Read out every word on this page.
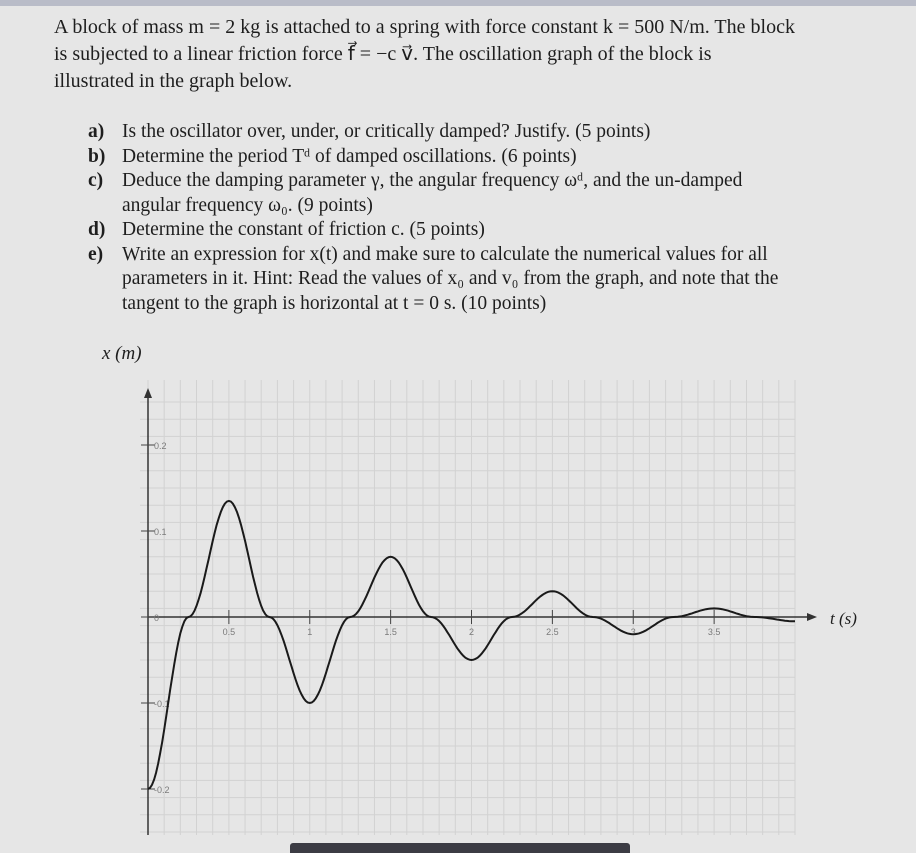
A block of mass m = 2 kg is attached to a spring with force constant k = 500 N/m. The block
is subjected to a linear friction force f⃗ = −c v⃗. The oscillation graph of the block is
illustrated in the graph below.
a) Is the oscillator over, under, or critically damped? Justify. (5 points)
b) Determine the period Tᵈ of damped oscillations. (6 points)
c) Deduce the damping parameter γ, the angular frequency ωᵈ, and the un-damped
angular frequency ω₀. (9 points)
d) Determine the constant of friction c. (5 points)
e) Write an expression for x(t) and make sure to calculate the numerical values for all
parameters in it. Hint: Read the values of x₀ and v₀ from the graph, and note that the
tangent to the graph is horizontal at t = 0 s. (10 points)
x (m)
t (s)
0.5	1	1.5	2	2.5	3	3.5
0.2
0.1
0
-0.1
-0.2
